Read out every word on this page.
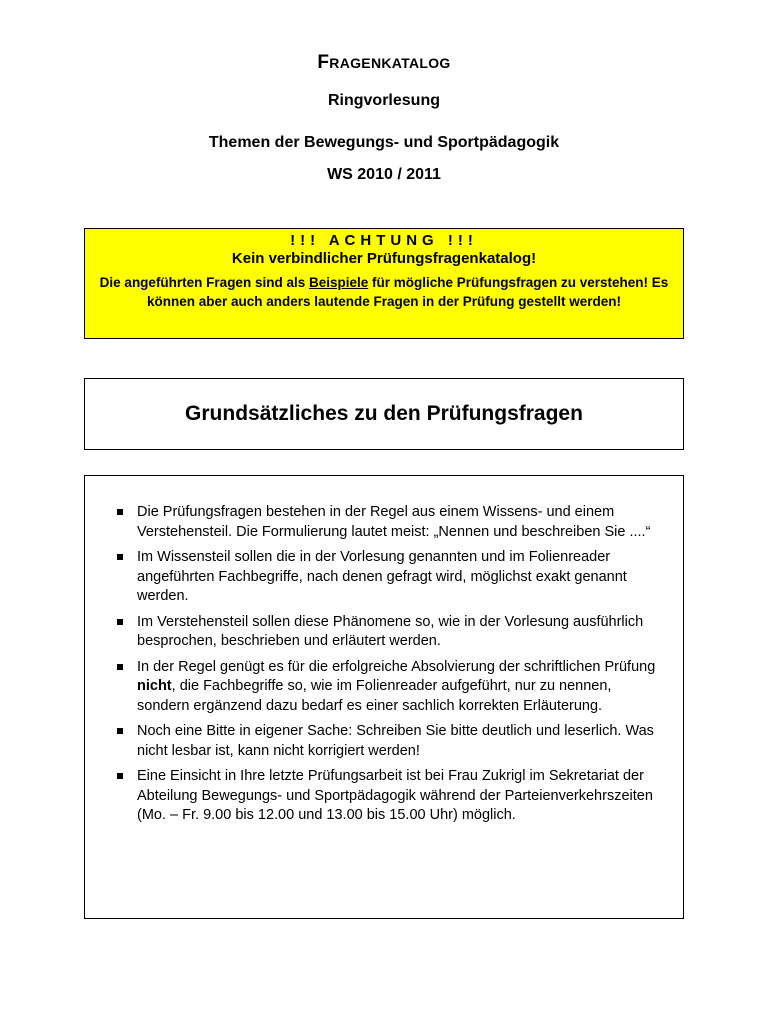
FRAGENKATALOG
Ringvorlesung
Themen der Bewegungs- und Sportpädagogik
WS 2010 / 2011
!!! ACHTUNG !!!
Kein verbindlicher Prüfungsfragenkatalog!
Die angeführten Fragen sind als Beispiele für mögliche Prüfungsfragen zu verstehen! Es können aber auch anders lautende Fragen in der Prüfung gestellt werden!
Grundsätzliches zu den Prüfungsfragen
Die Prüfungsfragen bestehen in der Regel aus einem Wissens- und einem Verstehensteil. Die Formulierung lautet meist: „Nennen und beschreiben Sie ....“
Im Wissensteil sollen die in der Vorlesung genannten und im Folienreader angeführten Fachbegriffe, nach denen gefragt wird, möglichst exakt genannt werden.
Im Verstehensteil sollen diese Phänomene so, wie in der Vorlesung ausführlich besprochen, beschrieben und erläutert werden.
In der Regel genügt es für die erfolgreiche Absolvierung der schriftlichen Prüfung nicht, die Fachbegriffe so, wie im Folienreader aufgeführt, nur zu nennen, sondern ergänzend dazu bedarf es einer sachlich korrekten Erläuterung.
Noch eine Bitte in eigener Sache: Schreiben Sie bitte deutlich und leserlich. Was nicht lesbar ist, kann nicht korrigiert werden!
Eine Einsicht in Ihre letzte Prüfungsarbeit ist bei Frau Zukrigl im Sekretariat der Abteilung Bewegungs- und Sportpädagogik während der Parteienverkehrszeiten (Mo. – Fr. 9.00 bis 12.00 und 13.00 bis 15.00 Uhr) möglich.
